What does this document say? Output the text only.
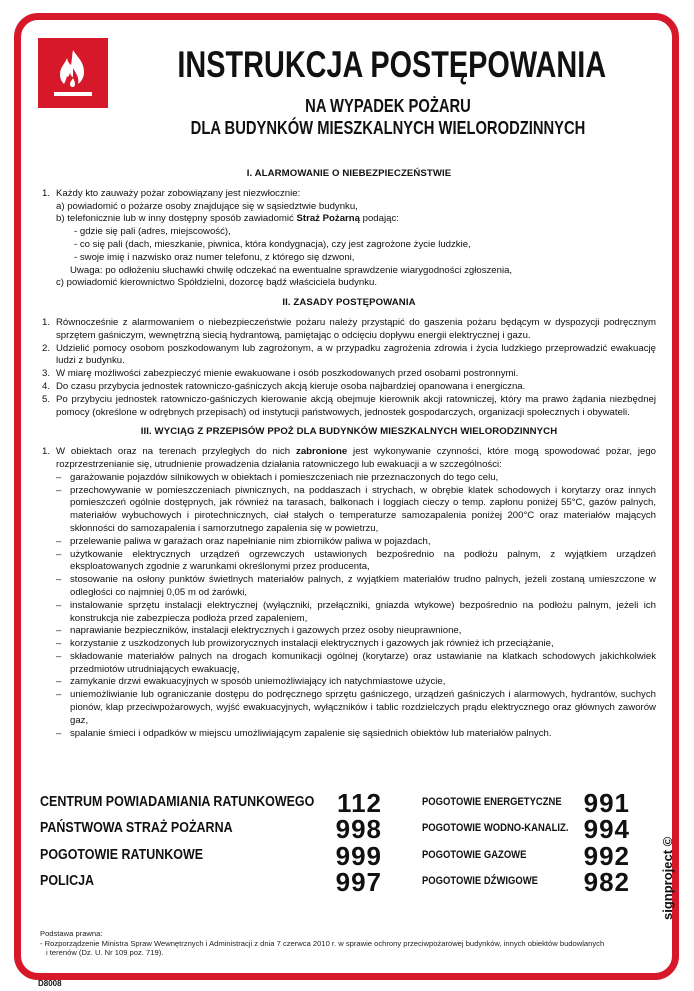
INSTRUKCJA POSTĘPOWANIA
NA WYPADEK POŻARU
DLA BUDYNKÓW MIESZKALNYCH WIELORODZINNYCH
I. ALARMOWANIE O NIEBEZPIECZEŃSTWIE

1. Każdy kto zauważy pożar zobowiązany jest niezwłocznie:

a) powiadomić o pożarze osoby znajdujące się w sąsiedztwie budynku,

b) telefonicznie lub w inny dostępny sposób zawiadomić Straż Pożarną podając:

- gdzie się pali (adres, miejscowość),

- co się pali (dach, mieszkanie, piwnica, która kondygnacja), czy jest zagrożone życie ludzkie,

- swoje imię i nazwisko oraz numer telefonu, z którego się dzwoni,

Uwaga: po odłożeniu słuchawki chwilę odczekać na ewentualne sprawdzenie wiarygodności zgłoszenia,

c) powiadomić kierownictwo Spółdzielni, dozorcę bądź właściciela budynku.

II. ZASADY POSTĘPOWANIA

1. Równocześnie z alarmowaniem o niebezpieczeństwie pożaru należy przystąpić do gaszenia pożaru będącym w dyspozycji podręcznym sprzętem gaśniczym, wewnętrzną siecią hydrantową, pamiętając o odcięciu dopływu energii elektrycznej i gazu.

2. Udzielić pomocy osobom poszkodowanym lub zagrożonym, a w przypadku zagrożenia zdrowia i życia ludzkiego przeprowadzić ewakuację ludzi z budynku.

3. W miarę możliwości zabezpieczyć mienie ewakuowane i osób poszkodowanych przed osobami postronnymi.

4. Do czasu przybycia jednostek ratowniczo-gaśniczych akcją kieruje osoba najbardziej opanowana i energiczna.

5. Po przybyciu jednostek ratowniczo-gaśniczych kierowanie akcją obejmuje kierownik akcji ratowniczej, który ma prawo żądania niezbędnej pomocy (określone w odrębnych przepisach) od instytucji państwowych, jednostek gospodarczych, organizacji społecznych i obywateli.

III. WYCIĄG Z PRZEPISÓW PPOŻ DLA BUDYNKÓW MIESZKALNYCH WIELORODZINNYCH

1. W obiektach oraz na terenach przyległych do nich zabronione jest wykonywanie czynności, które mogą spowodować pożar, jego rozprzestrzenianie się, utrudnienie prowadzenia działania ratowniczego lub ewakuacji a w szczególności:

– garażowanie pojazdów silnikowych w obiektach i pomieszczeniach nie przeznaczonych do tego celu,

– przechowywanie w pomieszczeniach piwnicznych, na poddaszach i strychach, w obrębie klatek schodowych i korytarzy oraz innych pomieszczeń ogólnie dostępnych, jak również na tarasach, balkonach i loggiach cieczy o temp. zapłonu poniżej 55°C, gazów palnych, materiałów wybuchowych i pirotechnicznych, ciał stałych o temperaturze samozapalenia poniżej 200°C oraz materiałów mających skłonności do samozapalenia i samorzutnego zapalenia się w powietrzu,

– przelewanie paliwa w garażach oraz napełnianie nim zbiorników paliwa w pojazdach,

– użytkowanie elektrycznych urządzeń ogrzewczych ustawionych bezpośrednio na podłożu palnym, z wyjątkiem urządzeń eksploatowanych zgodnie z warunkami określonymi przez producenta,

– stosowanie na osłony punktów świetlnych materiałów palnych, z wyjątkiem materiałów trudno palnych, jeżeli zostaną umieszczone w odległości co najmniej 0,05 m od żarówki,

– instalowanie sprzętu instalacji elektrycznej (wyłączniki, przełączniki, gniazda wtykowe) bezpośrednio na podłożu palnym, jeżeli ich konstrukcja nie zabezpiecza podłoża przed zapaleniem,

– naprawianie bezpieczników, instalacji elektrycznych i gazowych przez osoby nieuprawnione,

– korzystanie z uszkodzonych lub prowizorycznych instalacji elektrycznych i gazowych jak również ich przeciążanie,

– składowanie materiałów palnych na drogach komunikacji ogólnej (korytarze) oraz ustawianie na klatkach schodowych jakichkolwiek przedmiotów utrudniających ewakuację,

– zamykanie drzwi ewakuacyjnych w sposób uniemożliwiający ich natychmiastowe użycie,

– uniemożliwianie lub ograniczanie dostępu do podręcznego sprzętu gaśniczego, urządzeń gaśniczych i alarmowych, hydrantów, suchych pionów, klap przeciwpożarowych, wyjść ewakuacyjnych, wyłączników i tablic rozdzielczych prądu elektrycznego oraz głównych zaworów gaz,

– spalanie śmieci i odpadków w miejscu umożliwiającym zapalenie się sąsiednich obiektów lub materiałów palnych.

CENTRUM POWIADAMIANIA RATUNKOWEGO 112	POGOTOWIE ENERGETYCZNE 991
PAŃSTWOWA STRAŻ POŻARNA	998	POGOTOWIE WODNO-KANALIZ. 994
POGOTOWIE RATUNKOWE	999	POGOTOWIE GAZOWE	992
POLICJA	997	POGOTOWIE DŹWIGOWE	982

Podstawa prawna:

- Rozporządzenie Ministra Spraw Wewnętrznych i Administracji z dnia 7 czerwca 2010 r. w sprawie ochrony przeciwpożarowej budynków, innych obiektów budowlanych

i terenów (Dz. U. Nr 109 poz. 719).

signproject ©
D8008
